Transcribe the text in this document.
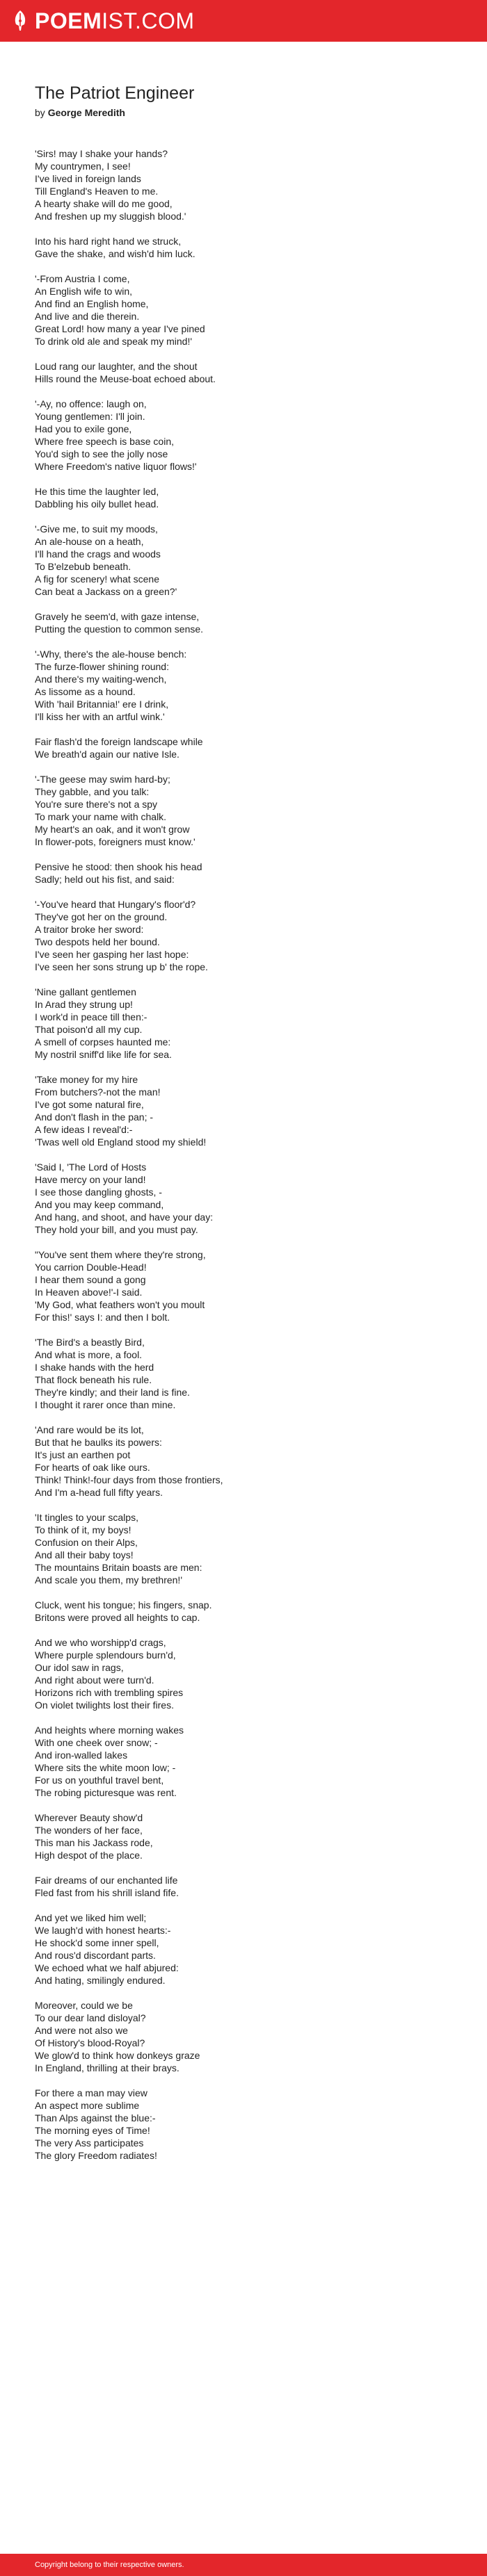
POEM IST.COM
The Patriot Engineer
by George Meredith
'Sirs! may I shake your hands?
My countrymen, I see!
I've lived in foreign lands
Till England's Heaven to me.
A hearty shake will do me good,
And freshen up my sluggish blood.'
Into his hard right hand we struck,
Gave the shake, and wish'd him luck.
'-From Austria I come,
An English wife to win,
And find an English home,
And live and die therein.
Great Lord! how many a year I've pined
To drink old ale and speak my mind!'
Loud rang our laughter, and the shout
Hills round the Meuse-boat echoed about.
'-Ay, no offence: laugh on,
Young gentlemen: I'll join.
Had you to exile gone,
Where free speech is base coin,
You'd sigh to see the jolly nose
Where Freedom's native liquor flows!'
He this time the laughter led,
Dabbling his oily bullet head.
'-Give me, to suit my moods,
An ale-house on a heath,
I'll hand the crags and woods
To B'elzebub beneath.
A fig for scenery! what scene
Can beat a Jackass on a green?'
Gravely he seem'd, with gaze intense,
Putting the question to common sense.
'-Why, there's the ale-house bench:
The furze-flower shining round:
And there's my waiting-wench,
As lissome as a hound.
With 'hail Britannia!' ere I drink,
I'll kiss her with an artful wink.'
Fair flash'd the foreign landscape while
We breath'd again our native Isle.
'-The geese may swim hard-by;
They gabble, and you talk:
You're sure there's not a spy
To mark your name with chalk.
My heart's an oak, and it won't grow
In flower-pots, foreigners must know.'
Pensive he stood: then shook his head
Sadly; held out his fist, and said:
'-You've heard that Hungary's floor'd?
They've got her on the ground.
A traitor broke her sword:
Two despots held her bound.
I've seen her gasping her last hope:
I've seen her sons strung up b' the rope.
'Nine gallant gentlemen
In Arad they strung up!
I work'd in peace till then:-
That poison'd all my cup.
A smell of corpses haunted me:
My nostril sniff'd like life for sea.
'Take money for my hire
From butchers?-not the man!
I've got some natural fire,
And don't flash in the pan; -
A few ideas I reveal'd:-
'Twas well old England stood my shield!
'Said I, 'The Lord of Hosts
Have mercy on your land!
I see those dangling ghosts, -
And you may keep command,
And hang, and shoot, and have your day:
They hold your bill, and you must pay.
"You've sent them where they're strong,
You carrion Double-Head!
I hear them sound a gong
In Heaven above!'-I said.
'My God, what feathers won't you moult
For this!' says I: and then I bolt.
'The Bird's a beastly Bird,
And what is more, a fool.
I shake hands with the herd
That flock beneath his rule.
They're kindly; and their land is fine.
I thought it rarer once than mine.
'And rare would be its lot,
But that he baulks its powers:
It's just an earthen pot
For hearts of oak like ours.
Think! Think!-four days from those frontiers,
And I'm a-head full fifty years.
'It tingles to your scalps,
To think of it, my boys!
Confusion on their Alps,
And all their baby toys!
The mountains Britain boasts are men:
And scale you them, my brethren!'
Cluck, went his tongue; his fingers, snap.
Britons were proved all heights to cap.
And we who worshipp'd crags,
Where purple splendours burn'd,
Our idol saw in rags,
And right about were turn'd.
Horizons rich with trembling spires
On violet twilights lost their fires.
And heights where morning wakes
With one cheek over snow; -
And iron-walled lakes
Where sits the white moon low; -
For us on youthful travel bent,
The robing picturesque was rent.
Wherever Beauty show'd
The wonders of her face,
This man his Jackass rode,
High despot of the place.
Fair dreams of our enchanted life
Fled fast from his shrill island fife.
And yet we liked him well;
We laugh'd with honest hearts:-
He shock'd some inner spell,
And rous'd discordant parts.
We echoed what we half abjured:
And hating, smilingly endured.
Moreover, could we be
To our dear land disloyal?
And were not also we
Of History's blood-Royal?
We glow'd to think how donkeys graze
In England, thrilling at their brays.
For there a man may view
An aspect more sublime
Than Alps against the blue:-
The morning eyes of Time!
The very Ass participates
The glory Freedom radiates!
Copyright belong to their respective owners.
